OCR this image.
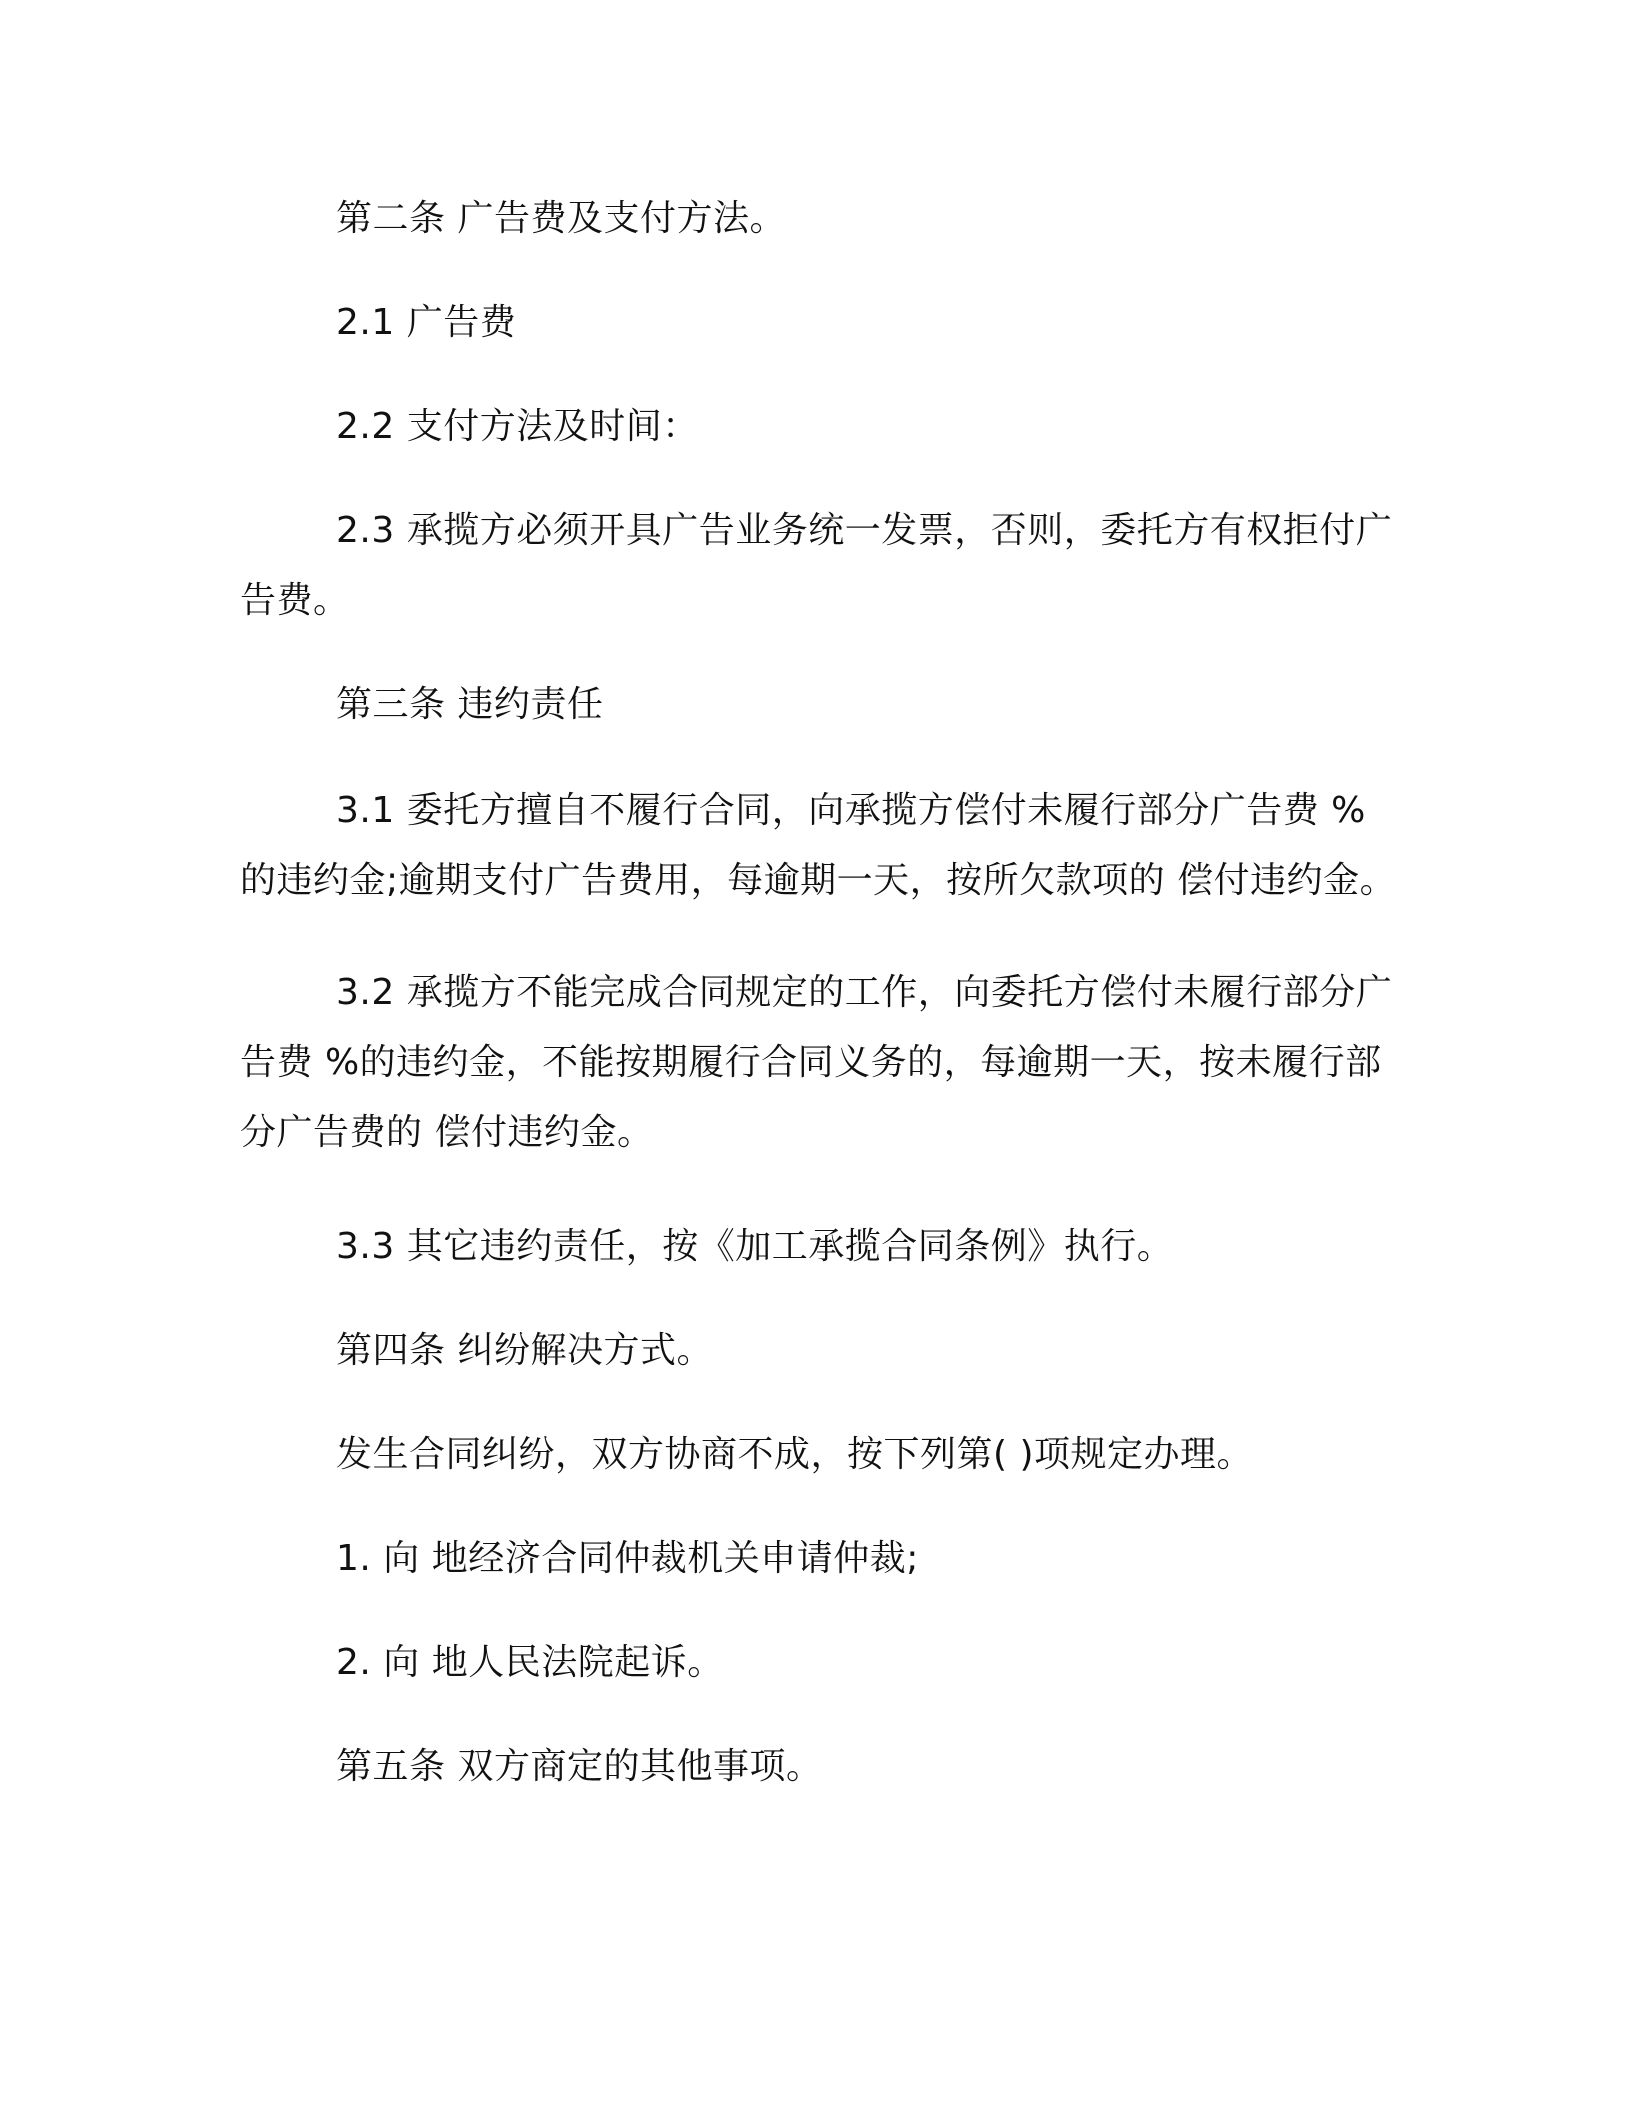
第二条 广告费及支付方法。

2.1 广告费

2.2 支付方法及时间：

2.3 承揽方必须开具广告业务统一发票，否则，委托方有权拒付广告费。

第三条 违约责任

3.1 委托方擅自不履行合同，向承揽方偿付未履行部分广告费 % 的违约金;逾期支付广告费用，每逾期一天，按所欠款项的 偿付违约金。

3.2 承揽方不能完成合同规定的工作，向委托方偿付未履行部分广告费 %的违约金，不能按期履行合同义务的，每逾期一天，按未履行部分广告费的 偿付违约金。

3.3 其它违约责任，按《加工承揽合同条例》执行。

第四条 纠纷解决方式。

发生合同纠纷，双方协商不成，按下列第( )项规定办理。

1. 向 地经济合同仲裁机关申请仲裁;

2. 向 地人民法院起诉。

第五条 双方商定的其他事项。
